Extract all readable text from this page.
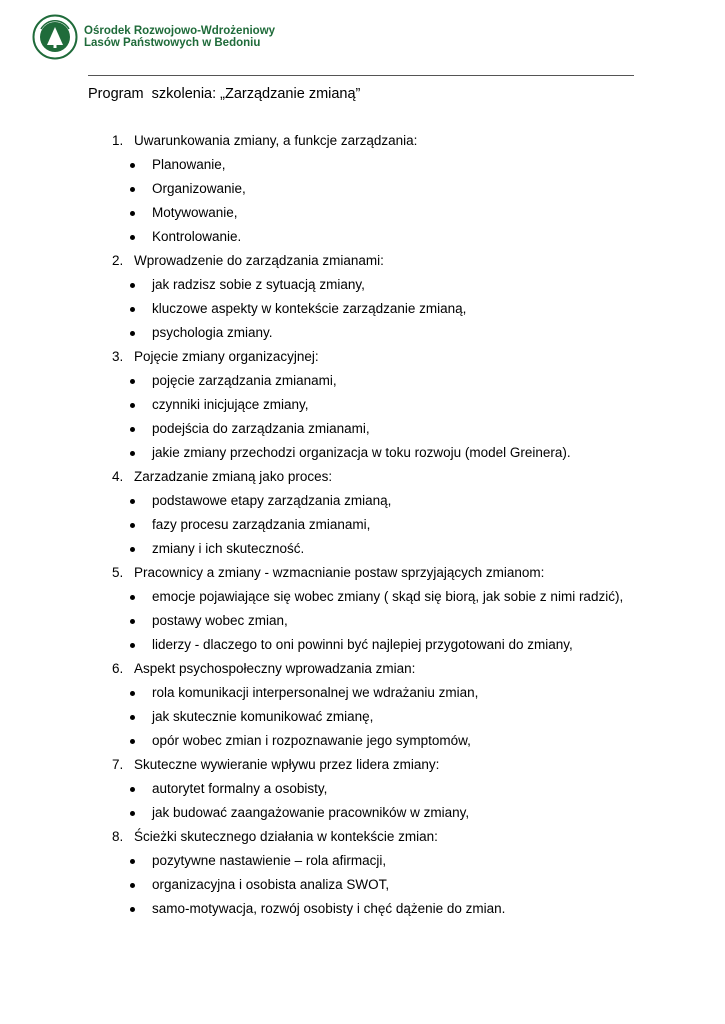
Ośrodek Rozwojowo-Wdrożeniowy
Lasów Państwowych w Bedoniu
Program  szkolenia: „Zarządzanie zmianą”
1. Uwarunkowania zmiany, a funkcje zarządzania:
Planowanie,
Organizowanie,
Motywowanie,
Kontrolowanie.
2. Wprowadzenie do zarządzania zmianami:
jak radzisz sobie z sytuacją zmiany,
kluczowe aspekty w kontekście zarządzanie zmianą,
psychologia zmiany.
3. Pojęcie zmiany organizacyjnej:
pojęcie zarządzania zmianami,
czynniki inicjujące zmiany,
podejścia do zarządzania zmianami,
jakie zmiany przechodzi organizacja w toku rozwoju (model Greinera).
4. Zarzadzanie zmianą jako proces:
podstawowe etapy zarządzania zmianą,
fazy procesu zarządzania zmianami,
zmiany i ich skuteczność.
5. Pracownicy a zmiany - wzmacnianie postaw sprzyjających zmianom:
emocje pojawiające się wobec zmiany ( skąd się biorą, jak sobie z nimi radzić),
postawy wobec zmian,
liderzy - dlaczego to oni powinni być najlepiej przygotowani do zmiany,
6. Aspekt psychospołeczny wprowadzania zmian:
rola komunikacji interpersonalnej we wdrażaniu zmian,
jak skutecznie komunikować zmianę,
opór wobec zmian i rozpoznawanie jego symptomów,
7. Skuteczne wywieranie wpływu przez lidera zmiany:
autorytet formalny a osobisty,
jak budować zaangażowanie pracowników w zmiany,
8. Ścieżki skutecznego działania w kontekście zmian:
pozytywne nastawienie – rola afirmacji,
organizacyjna i osobista analiza SWOT,
samo-motywacja, rozwój osobisty i chęć dążenie do zmian.
